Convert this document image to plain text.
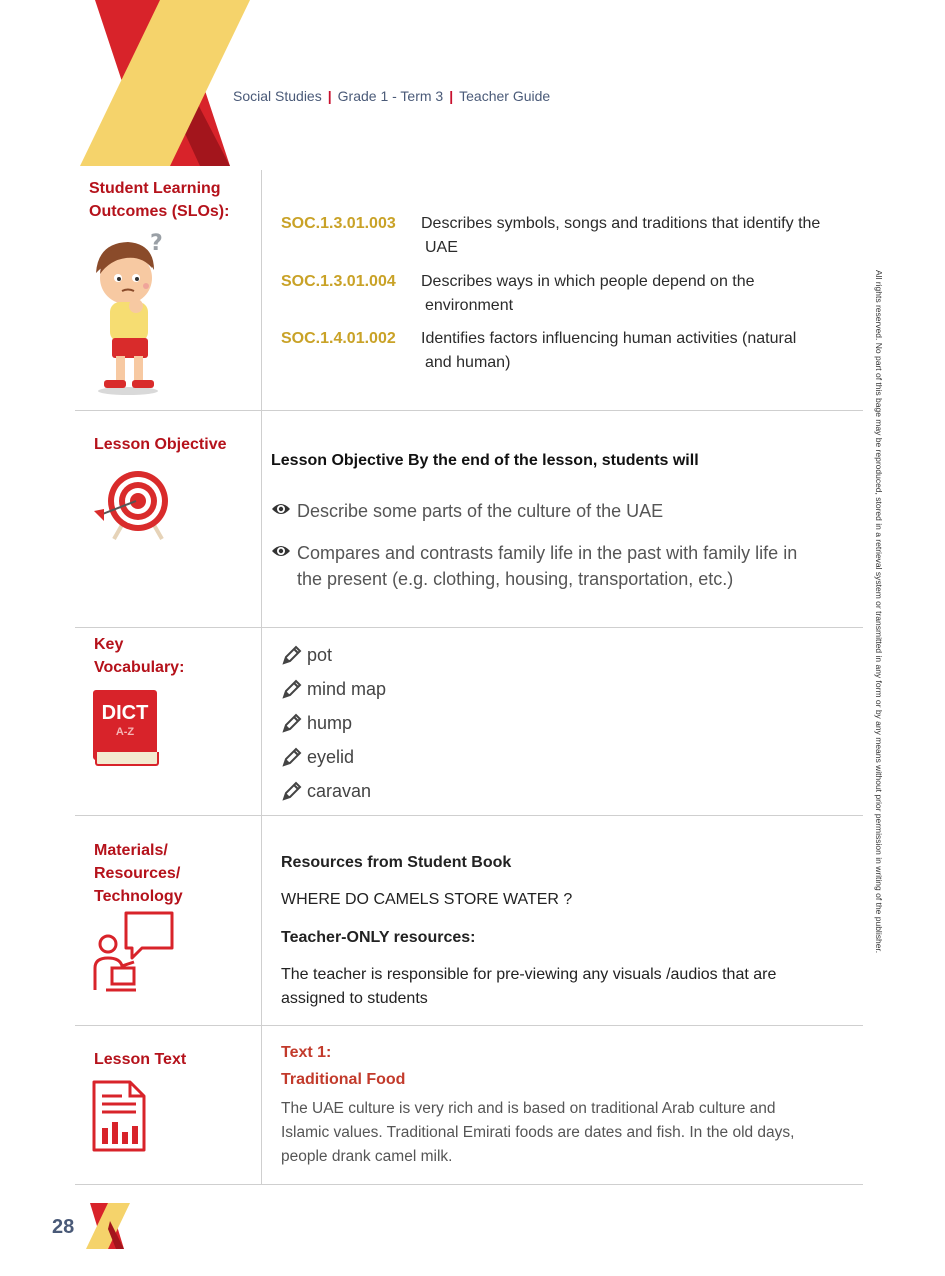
Social Studies | Grade 1 - Term 3 | Teacher Guide
Student Learning
Outcomes (SLOs):
?
SOC.1.3.01.003	Describes symbols, songs and traditions that identify the
UAE
SOC.1.3.01.004	Describes ways in which people depend on the
environment
SOC.1.4.01.002	Identifies factors influencing human activities (natural
and human)
Lesson Objective
Lesson Objective By the end of the lesson, students will
Describe some parts of the culture of the UAE
Compares and contrasts family life in the past with family life in
the present (e.g. clothing, housing, transportation, etc.)
Key
Vocabulary:
DICT
A-Z
pot
mind map
hump
eyelid
caravan
Materials/
Resources/
Technology
Resources from Student Book
WHERE DO CAMELS STORE WATER ?
Teacher-ONLY resources:
The teacher is responsible for pre-viewing any visuals /audios that are
assigned to students
Lesson Text	Text 1:
Traditional Food
The UAE culture is very rich and is based on traditional Arab culture and
Islamic values. Traditional Emirati foods are dates and fish. In the old days,
people drank camel milk.
All rights reserved. No part of this bage may be reproduced, stored in a retrieval system or transmitted in any form or by any means without prior permission in writing of the publisher.
28
